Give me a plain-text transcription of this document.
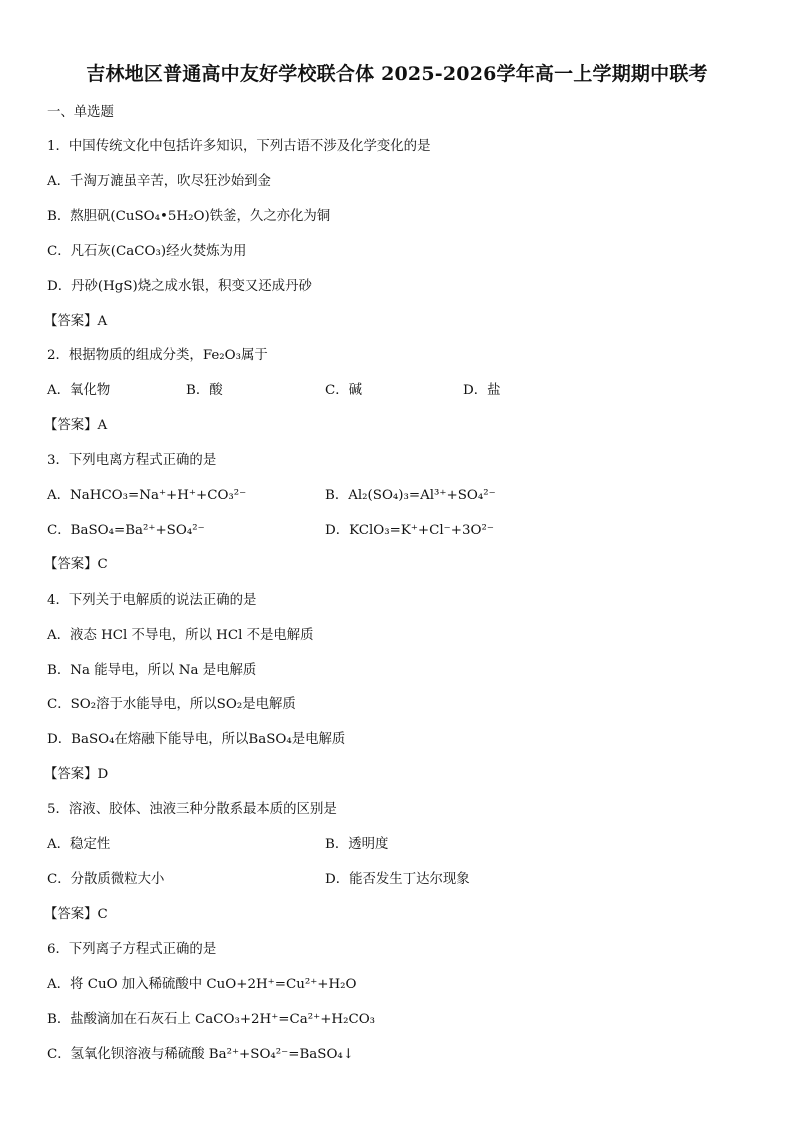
吉林地区普通高中友好学校联合体 2025-2026学年高一上学期期中联考
一、单选题
1．中国传统文化中包括许多知识，下列古语不涉及化学变化的是
A．千淘万漉虽辛苦，吹尽狂沙始到金
B．熬胆矾(CuSO₄•5H₂O)铁釜，久之亦化为铜
C．凡石灰(CaCO₃)经火焚炼为用
D．丹砂(HgS)烧之成水银，积变又还成丹砂
【答案】A
2．根据物质的组成分类，Fe₂O₃属于
A．氧化物	B．酸	C．碱	D．盐
【答案】A
3．下列电离方程式正确的是
A．NaHCO₃=Na⁺+H⁺+CO₃²⁻	B．Al₂(SO₄)₃=Al³⁺+SO₄²⁻
C．BaSO₄=Ba²⁺+SO₄²⁻	D．KClO₃=K⁺+Cl⁻+3O²⁻
【答案】C
4．下列关于电解质的说法正确的是
A．液态 HCl 不导电，所以 HCl 不是电解质
B．Na 能导电，所以 Na 是电解质
C．SO₂溶于水能导电，所以SO₂是电解质
D．BaSO₄在熔融下能导电，所以BaSO₄是电解质
【答案】D
5．溶液、胶体、浊液三种分散系最本质的区别是
A．稳定性	B．透明度
C．分散质微粒大小	D．能否发生丁达尔现象
【答案】C
6．下列离子方程式正确的是
A．将 CuO 加入稀硫酸中 CuO+2H⁺=Cu²⁺+H₂O
B．盐酸滴加在石灰石上 CaCO₃+2H⁺=Ca²⁺+H₂CO₃
C．氢氧化钡溶液与稀硫酸 Ba²⁺+SO₄²⁻=BaSO₄↓
